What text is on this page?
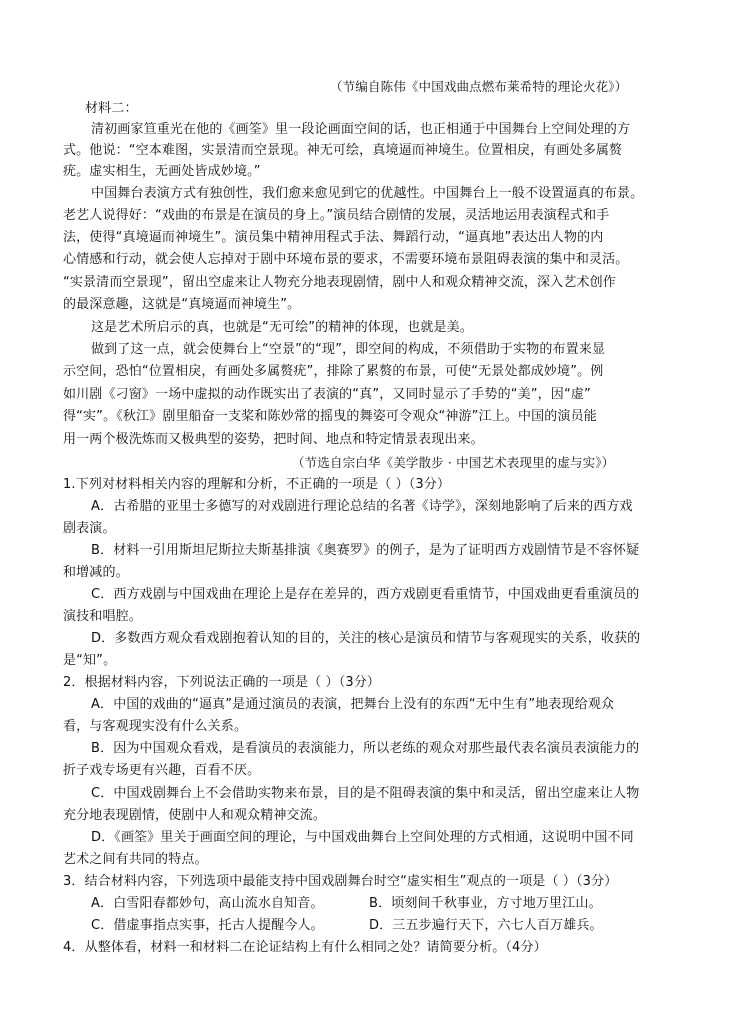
（节编自陈伟《中国戏曲点燃布莱希特的理论火花》）
材料二：
清初画家笪重光在他的《画筌》里一段论画面空间的话，也正相通于中国舞台上空间处理的方
式。他说：“空本难图，实景清而空景现。神无可绘，真境逼而神境生。位置相戾，有画处多属赘
疣。虚实相生，无画处皆成妙境。”
中国舞台表演方式有独创性，我们愈来愈见到它的优越性。中国舞台上一般不设置逼真的布景。
老艺人说得好：“戏曲的布景是在演员的身上。”演员结合剧情的发展，灵活地运用表演程式和手
法，使得“真境逼而神境生”。演员集中精神用程式手法、舞蹈行动，“逼真地”表达出人物的内
心情感和行动，就会使人忘掉对于剧中环境布景的要求，不需要环境布景阻碍表演的集中和灵活。
“实景清而空景现”，留出空虚来让人物充分地表现剧情，剧中人和观众精神交流，深入艺术创作
的最深意趣，这就是“真境逼而神境生”。
这是艺术所启示的真，也就是“无可绘”的精神的体现，也就是美。
做到了这一点，就会使舞台上“空景”的“现”，即空间的构成，不须借助于实物的布置来显
示空间，恐怕“位置相戾，有画处多属赘疣”，排除了累赘的布景，可使“无景处都成妙境”。例
如川剧《刁窗》一场中虚拟的动作既实出了表演的“真”，又同时显示了手势的“美”，因“虚”
得“实”。《秋江》剧里船奋一支桨和陈妙常的摇曳的舞姿可令观众“神游”江上。中国的演员能
用一两个极洗炼而又极典型的姿势，把时间、地点和特定情景表现出来。
（节选自宗白华《美学散步 · 中国艺术表现里的虚与实》）
1.下列对材料相关内容的理解和分析，不正确的一项是（ ）（3分）
A．古希腊的亚里士多德写的对戏剧进行理论总结的名著《诗学》，深刻地影响了后来的西方戏
剧表演。
B．材料一引用斯坦尼斯拉夫斯基排演《奥赛罗》的例子，是为了证明西方戏剧情节是不容怀疑
和增减的。
C．西方戏剧与中国戏曲在理论上是存在差异的，西方戏剧更看重情节，中国戏曲更看重演员的
演技和唱腔。
D．多数西方观众看戏剧抱着认知的目的，关注的核心是演员和情节与客观现实的关系，收获的
是“知”。
2．根据材料内容，下列说法正确的一项是（ ）（3分）
A．中国的戏曲的“逼真”是通过演员的表演，把舞台上没有的东西“无中生有”地表现给观众
看，与客观现实没有什么关系。
B．因为中国观众看戏，是看演员的表演能力，所以老练的观众对那些最代表名演员表演能力的
折子戏专场更有兴趣，百看不厌。
C．中国戏剧舞台上不会借助实物来布景，目的是不阻碍表演的集中和灵活，留出空虚来让人物
充分地表现剧情，使剧中人和观众精神交流。
D．《画筌》里关于画面空间的理论，与中国戏曲舞台上空间处理的方式相通，这说明中国不同
艺术之间有共同的特点。
3．结合材料内容，下列选项中最能支持中国戏剧舞台时空“虚实相生”观点的一项是（ ）（3分）
A．白雪阳春都妙句，高山流水自知音。	B．顷刻间千秋事业，方寸地万里江山。
C．借虚事指点实事，托古人提醒今人。	D．三五步遍行天下，六七人百万雄兵。
4．从整体看，材料一和材料二在论证结构上有什么相同之处？请简要分析。（4分）
